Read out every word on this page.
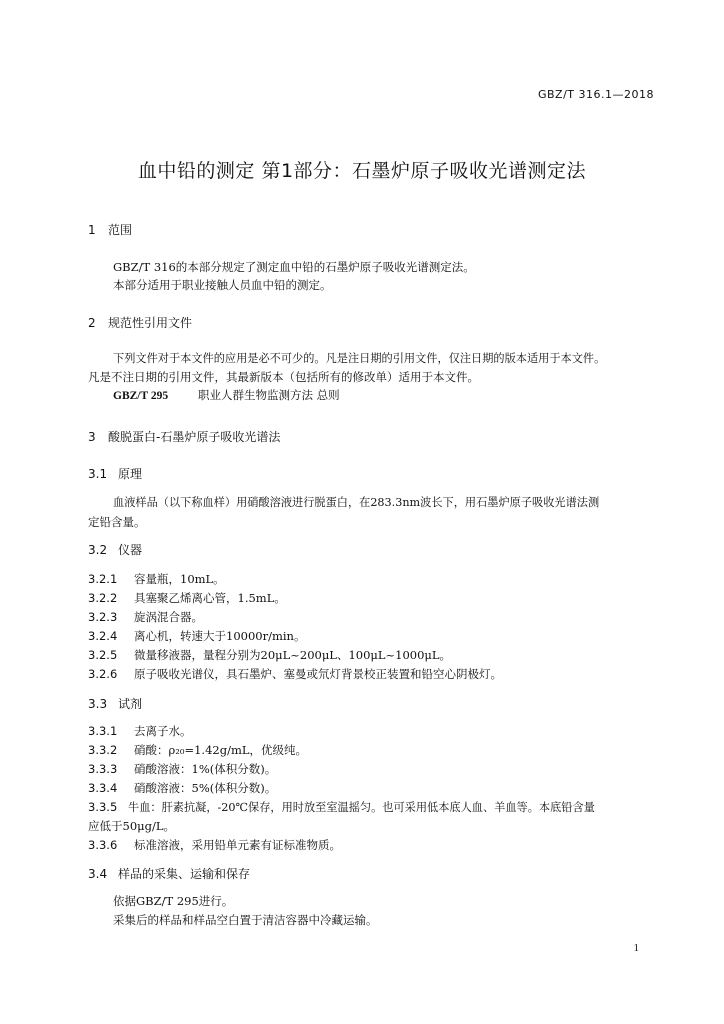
GBZ/T 316.1—2018
血中铅的测定 第1部分：石墨炉原子吸收光谱测定法
1 范围
GBZ/T 316的本部分规定了测定血中铅的石墨炉原子吸收光谱测定法。
本部分适用于职业接触人员血中铅的测定。
2 规范性引用文件
下列文件对于本文件的应用是必不可少的。凡是注日期的引用文件，仅注日期的版本适用于本文件。
凡是不注日期的引用文件，其最新版本（包括所有的修改单）适用于本文件。
GBZ/T 295	职业人群生物监测方法 总则
3 酸脱蛋白-石墨炉原子吸收光谱法
3.1 原理
血液样品（以下称血样）用硝酸溶液进行脱蛋白，在283.3nm波长下，用石墨炉原子吸收光谱法测
定铅含量。
3.2 仪器
3.2.1 容量瓶，10mL。
3.2.2 具塞聚乙烯离心管，1.5mL。
3.2.3 旋涡混合器。
3.2.4 离心机，转速大于10000r/min。
3.2.5 微量移液器，量程分别为20μL~200μL、100μL~1000μL。
3.2.6 原子吸收光谱仪，具石墨炉、塞曼或氘灯背景校正装置和铅空心阴极灯。
3.3 试剂
3.3.1 去离子水。
3.3.2 硝酸：ρ₂₀=1.42g/mL，优级纯。
3.3.3 硝酸溶液：1%(体积分数)。
3.3.4 硝酸溶液：5%(体积分数)。
3.3.5 牛血：肝素抗凝，-20℃保存，用时放至室温摇匀。也可采用低本底人血、羊血等。本底铅含量
应低于50μg/L。
3.3.6 标准溶液，采用铅单元素有证标准物质。
3.4 样品的采集、运输和保存
依据GBZ/T 295进行。
采集后的样品和样品空白置于清洁容器中冷藏运输。
1
